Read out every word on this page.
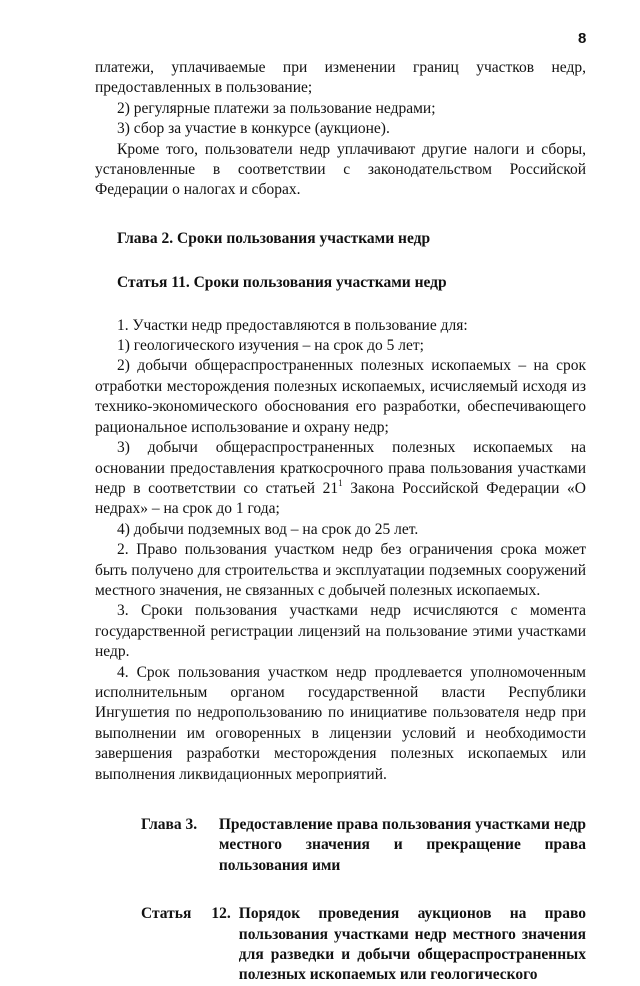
8

платежи, уплачиваемые при изменении границ участков недр, предоставленных в пользование;

2) регулярные платежи за пользование недрами;

3) сбор за участие в конкурсе (аукционе).

Кроме того, пользователи недр уплачивают другие налоги и сборы, установленные в соответствии с законодательством Российской Федерации о налогах и сборах.

Глава 2. Сроки пользования участками недр
Статья 11. Сроки пользования участками недр

1. Участки недр предоставляются в пользование для:

1) геологического изучения – на срок до 5 лет;

2) добычи общераспространенных полезных ископаемых – на срок отработки месторождения полезных ископаемых, исчисляемый исходя из технико-экономического обоснования его разработки, обеспечивающего рациональное использование и охрану недр;

3) добычи общераспространенных полезных ископаемых на основании предоставления краткосрочного права пользования участками недр в соответствии со статьей $21^1$ Закона Российской Федерации «О недрах» – на срок до 1 года;

4) добычи подземных вод – на срок до 25 лет.

2. Право пользования участком недр без ограничения срока может быть получено для строительства и эксплуатации подземных сооружений местного значения, не связанных с добычей полезных ископаемых.

3. Сроки пользования участками недр исчисляются с момента государственной регистрации лицензий на пользование этими участками недр.

4. Срок пользования участком недр продлевается уполномоченным исполнительным органом государственной власти Республики Ингушетия по недропользованию по инициативе пользователя недр при выполнении им оговоренных в лицензии условий и необходимости завершения разработки месторождения полезных ископаемых или выполнения ликвидационных мероприятий.

Глава 3.	Предоставление права пользования участками недр местного значения и прекращение права пользования ими
Статья 12. Порядок проведения аукционов на право пользования участками недр местного значения для разведки и добычи общераспространенных полезных ископаемых или геологического
